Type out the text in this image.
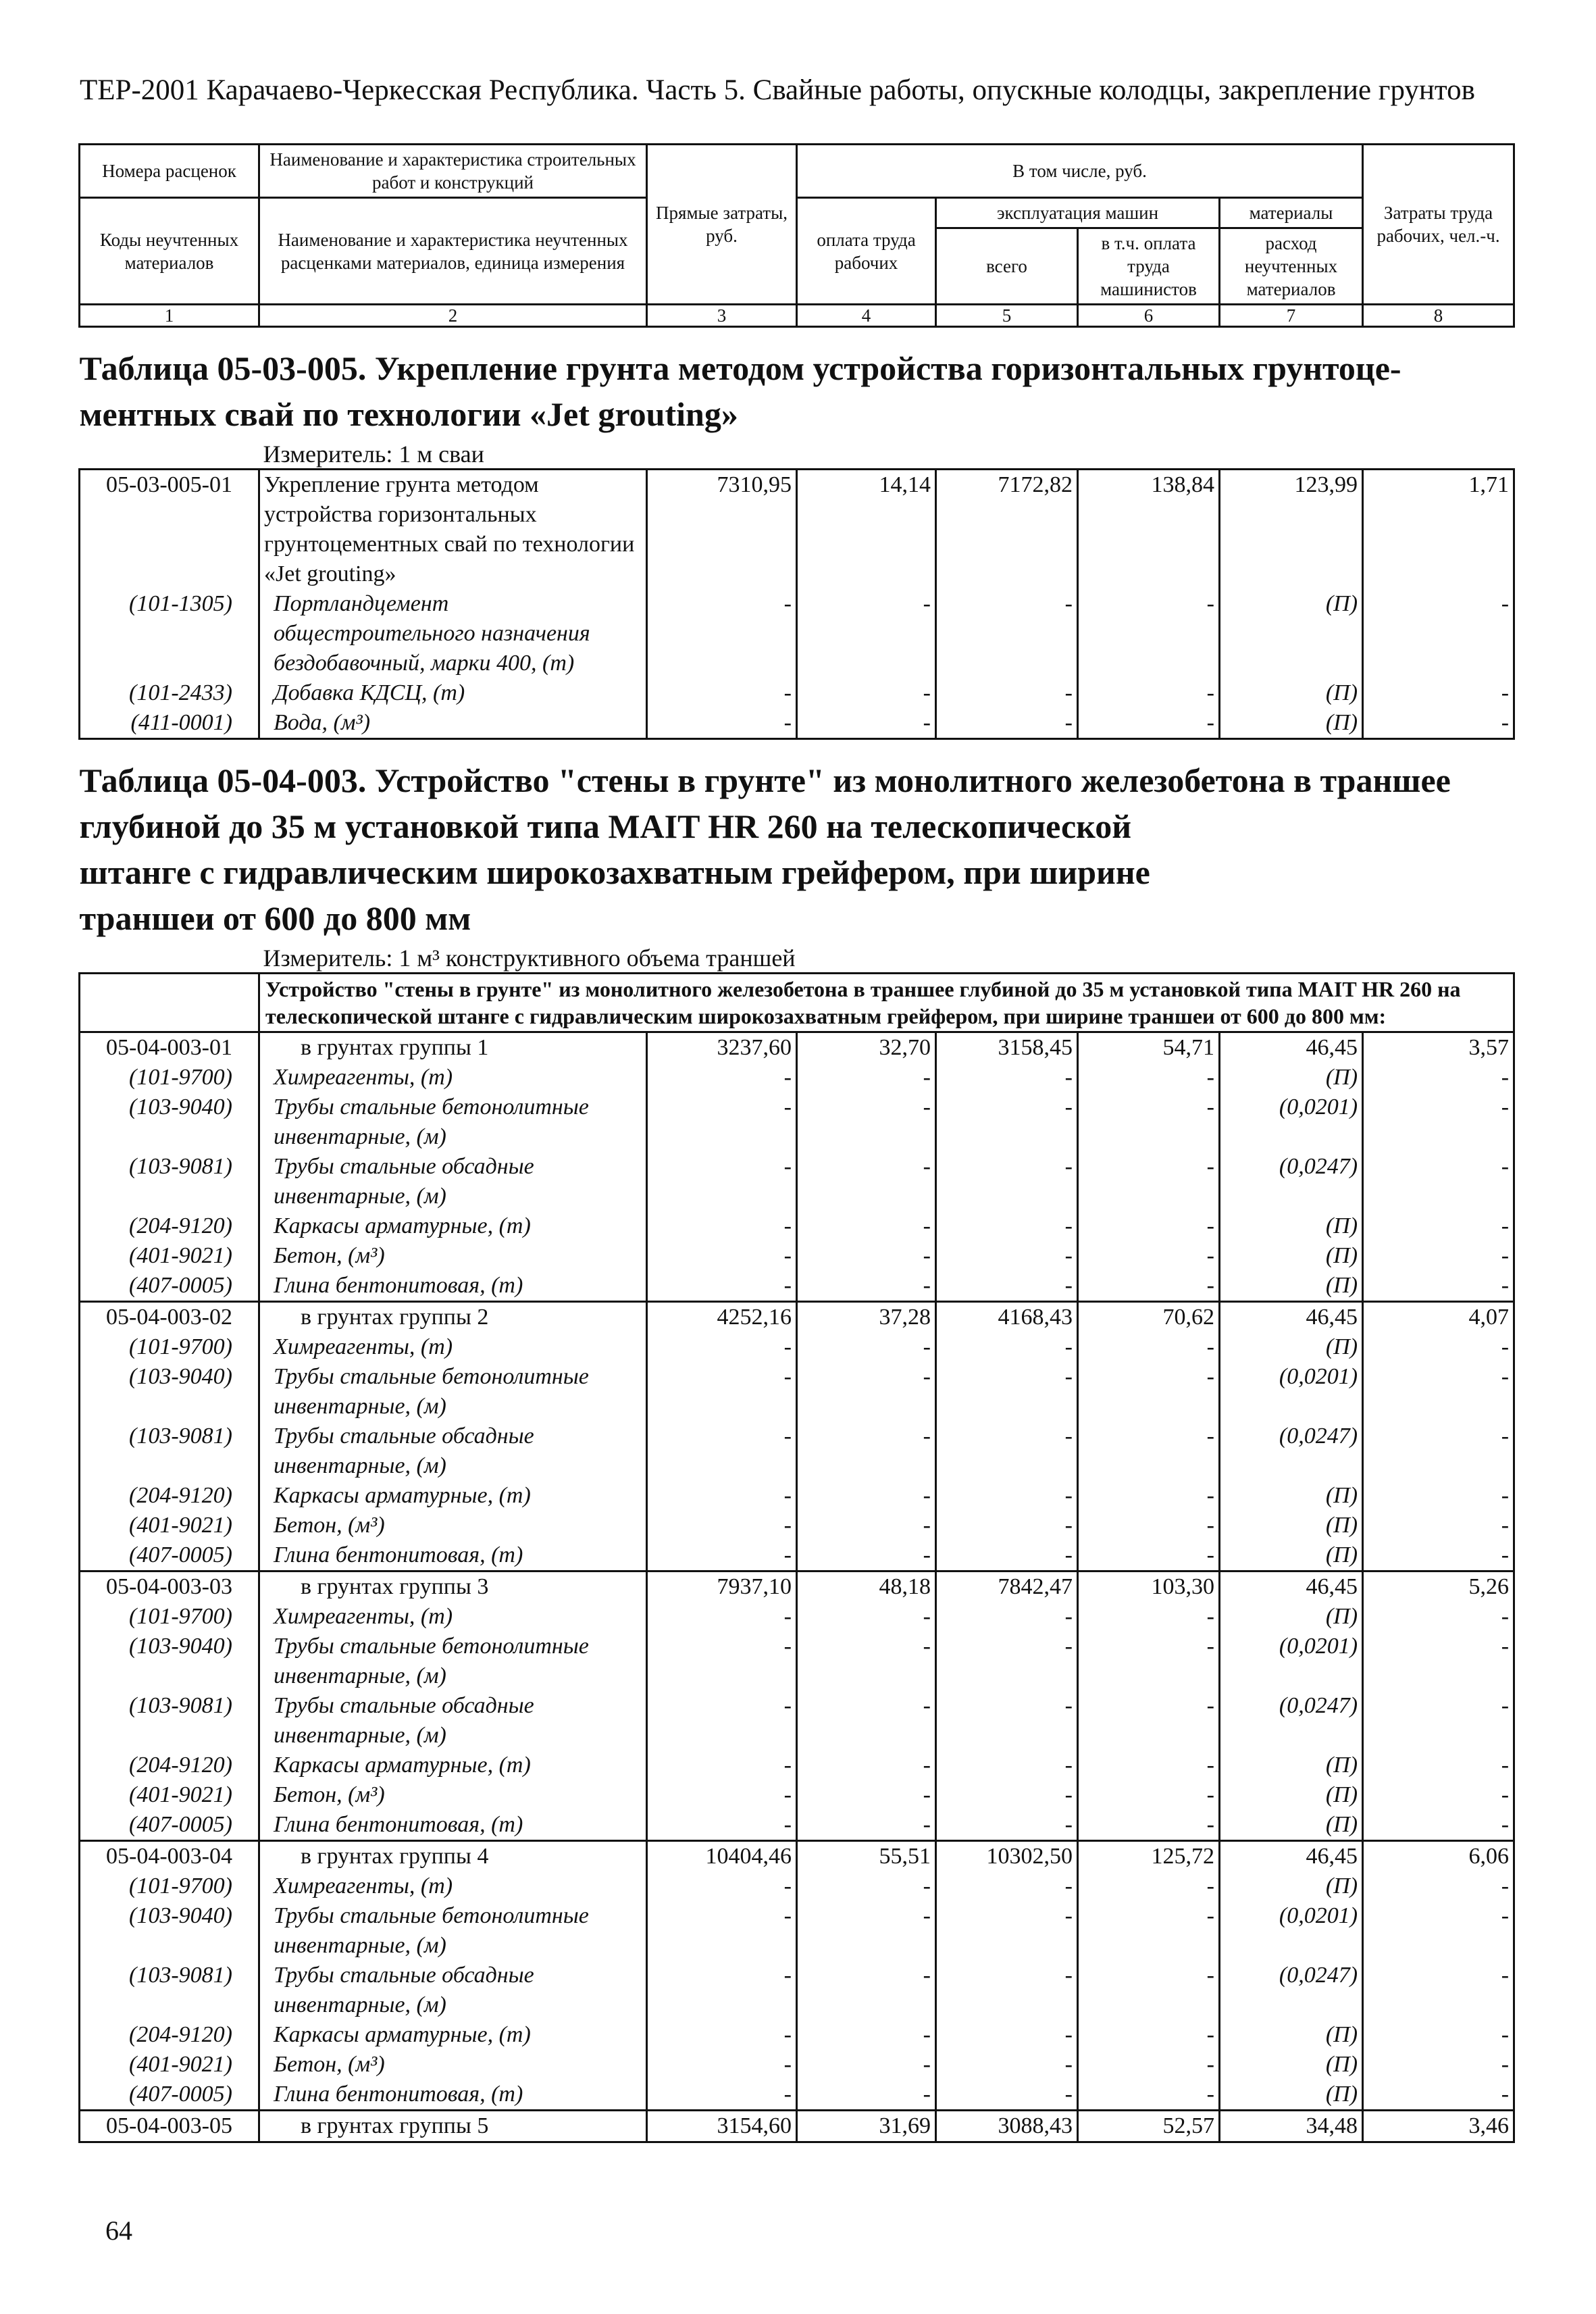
ТЕР-2001 Карачаево-Черкесская Республика. Часть 5. Свайные работы, опускные колодцы, закрепление грунтов
Номера расценок	Наименование и характеристика строительных работ и конструкций	Прямые затраты, руб.	В том числе, руб.				Затраты труда рабочих, чел.-ч.
Коды неучтенных материалов	Наименование и характеристика неучтенных расценками материалов, единица измерения		оплата труда рабочих	эксплуатация машин		материалы	
				всего	в т.ч. оплата труда машинистов	расход неучтенных материалов	
1	2	3	4	5	6	7	8

Таблица 05-03-005. Укрепление грунта методом устройства горизонтальных грунтоце-							
ментных свай по технологии «Jet grouting»							
Измеритель: 1 м сваи							
05-03-005-01	Укрепление грунта методом устройства горизонтальных грунтоцементных свай по технологии «Jet grouting»	7310,95	14,14	7172,82	138,84	123,99	1,71
(101-1305)	Портландцемент общестроительного назначения бездобавочный, марки 400, (т)	-	-	-	-	(П)	-
(101-2433)	Добавка КДСЦ, (т)	-	-	-	-	(П)	-
(411-0001)	Вода, (м³)	-	-	-	-	(П)	-

Таблица 05-04-003. Устройство "стены в грунте" из монолитного железобетона в траншее							
глубиной до 35 м установкой типа MAIT HR 260 на телескопической							
штанге с гидравлическим широкозахватным грейфером, при ширине							
траншеи от 600 до 800 мм							
Измеритель: 1 м³ конструктивного объема траншей							
	Устройство "стены в грунте" из монолитного железобетона в траншее глубиной до 35 м установкой типа MAIT HR 260 на телескопической штанге с гидравлическим широкозахватным грейфером, при ширине траншеи от 600 до 800 мм:						
05-04-003-01	в грунтах группы 1	3237,60	32,70	3158,45	54,71	46,45	3,57
(101-9700)	Химреагенты, (т)	-	-	-	-	(П)	-
(103-9040)	Трубы стальные бетонолитные инвентарные, (м)	-	-	-	-	(0,0201)	-
(103-9081)	Трубы стальные обсадные инвентарные, (м)	-	-	-	-	(0,0247)	-
(204-9120)	Каркасы арматурные, (т)	-	-	-	-	(П)	-
(401-9021)	Бетон, (м³)	-	-	-	-	(П)	-
(407-0005)	Глина бентонитовая, (т)	-	-	-	-	(П)	-
05-04-003-02	в грунтах группы 2	4252,16	37,28	4168,43	70,62	46,45	4,07
(101-9700)	Химреагенты, (т)	-	-	-	-	(П)	-
(103-9040)	Трубы стальные бетонолитные инвентарные, (м)	-	-	-	-	(0,0201)	-
(103-9081)	Трубы стальные обсадные инвентарные, (м)	-	-	-	-	(0,0247)	-
(204-9120)	Каркасы арматурные, (т)	-	-	-	-	(П)	-
(401-9021)	Бетон, (м³)	-	-	-	-	(П)	-
(407-0005)	Глина бентонитовая, (т)	-	-	-	-	(П)	-
05-04-003-03	в грунтах группы 3	7937,10	48,18	7842,47	103,30	46,45	5,26
(101-9700)	Химреагенты, (т)	-	-	-	-	(П)	-
(103-9040)	Трубы стальные бетонолитные инвентарные, (м)	-	-	-	-	(0,0201)	-
(103-9081)	Трубы стальные обсадные инвентарные, (м)	-	-	-	-	(0,0247)	-
(204-9120)	Каркасы арматурные, (т)	-	-	-	-	(П)	-
(401-9021)	Бетон, (м³)	-	-	-	-	(П)	-
(407-0005)	Глина бентонитовая, (т)	-	-	-	-	(П)	-
05-04-003-04	в грунтах группы 4	10404,46	55,51	10302,50	125,72	46,45	6,06
(101-9700)	Химреагенты, (т)	-	-	-	-	(П)	-
(103-9040)	Трубы стальные бетонолитные инвентарные, (м)	-	-	-	-	(0,0201)	-
(103-9081)	Трубы стальные обсадные инвентарные, (м)	-	-	-	-	(0,0247)	-
(204-9120)	Каркасы арматурные, (т)	-	-	-	-	(П)	-
(401-9021)	Бетон, (м³)	-	-	-	-	(П)	-
(407-0005)	Глина бентонитовая, (т)	-	-	-	-	(П)	-
05-04-003-05	в грунтах группы 5	3154,60	31,69	3088,43	52,57	34,48	3,46
64
